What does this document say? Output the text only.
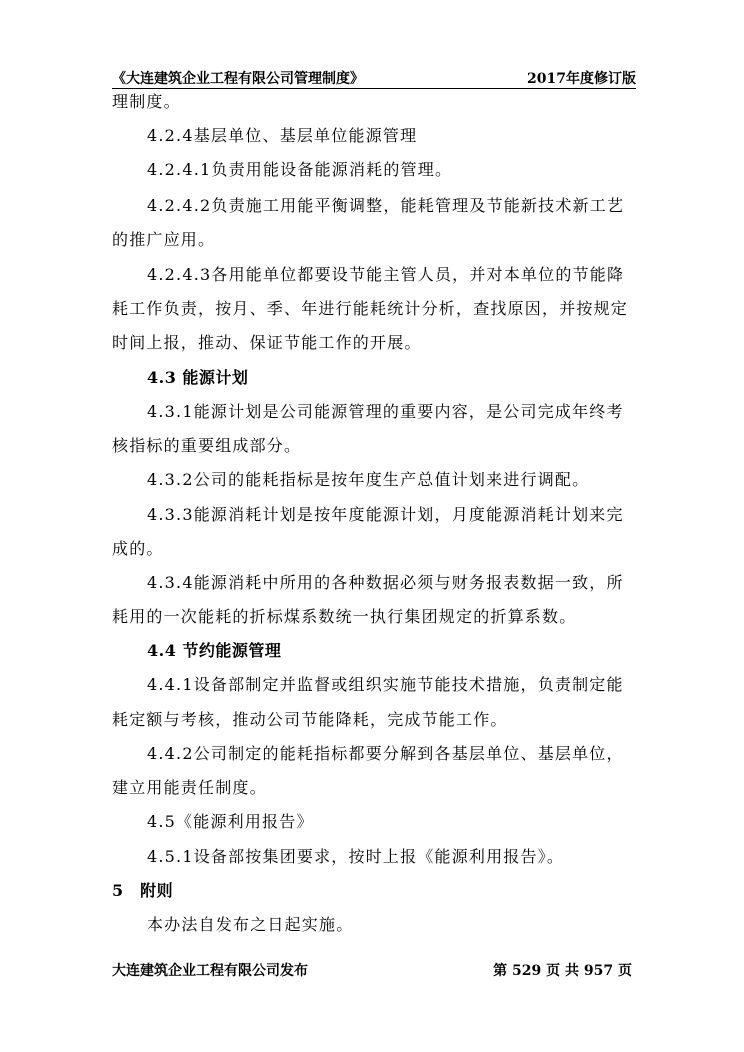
《大连建筑企业工程有限公司管理制度》	2017年度修订版
理制度。
4.2.4基层单位、基层单位能源管理
4.2.4.1负责用能设备能源消耗的管理。
4.2.4.2负责施工用能平衡调整，能耗管理及节能新技术新工艺
的推广应用。
4.2.4.3各用能单位都要设节能主管人员，并对本单位的节能降
耗工作负责，按月、季、年进行能耗统计分析，查找原因，并按规定
时间上报，推动、保证节能工作的开展。
4.3 能源计划
4.3.1能源计划是公司能源管理的重要内容，是公司完成年终考
核指标的重要组成部分。
4.3.2公司的能耗指标是按年度生产总值计划来进行调配。
4.3.3能源消耗计划是按年度能源计划，月度能源消耗计划来完
成的。
4.3.4能源消耗中所用的各种数据必须与财务报表数据一致，所
耗用的一次能耗的折标煤系数统一执行集团规定的折算系数。
4.4 节约能源管理
4.4.1设备部制定并监督或组织实施节能技术措施，负责制定能
耗定额与考核，推动公司节能降耗，完成节能工作。
4.4.2公司制定的能耗指标都要分解到各基层单位、基层单位，
建立用能责任制度。
4.5《能源利用报告》
4.5.1设备部按集团要求，按时上报《能源利用报告》。
5　附则
本办法自发布之日起实施。
大连建筑企业工程有限公司发布	第 529 页 共 957 页
